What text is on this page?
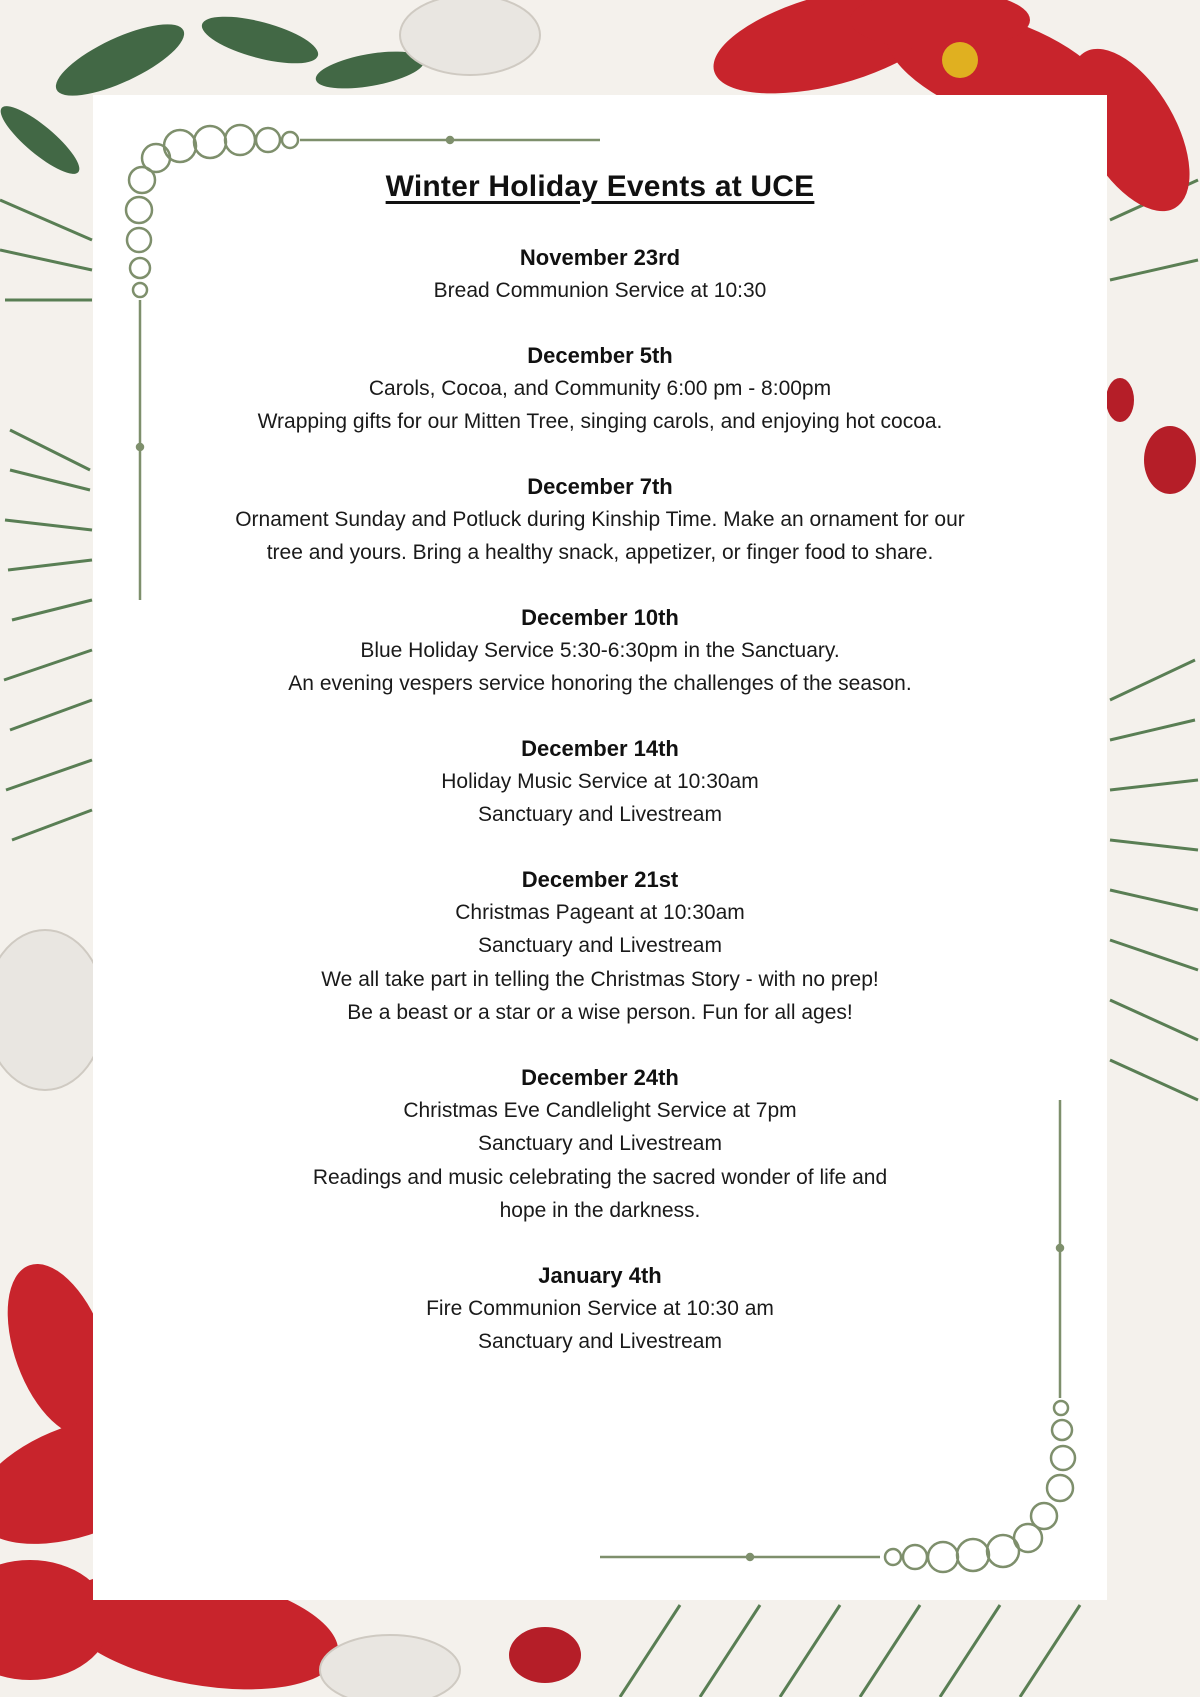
Winter Holiday Events at UCE
November 23rd
Bread Communion Service at 10:30
December 5th
Carols, Cocoa, and Community 6:00 pm - 8:00pm
Wrapping gifts for our Mitten Tree, singing carols, and enjoying hot cocoa.
December 7th
Ornament Sunday and Potluck during Kinship Time. Make an ornament for our
tree and yours. Bring a healthy snack, appetizer, or finger food to share.
December 10th
Blue Holiday Service 5:30-6:30pm in the Sanctuary.
An evening vespers service honoring the challenges of the season.
December 14th
Holiday Music Service at 10:30am
Sanctuary and Livestream
December 21st
Christmas Pageant at 10:30am
Sanctuary and Livestream
We all take part in telling the Christmas Story - with no prep!
Be a beast or a star or a wise person. Fun for all ages!
December 24th
Christmas Eve Candlelight Service at 7pm
Sanctuary and Livestream
Readings and music celebrating the sacred wonder of life and
hope in the darkness.
January 4th
Fire Communion Service at 10:30 am
Sanctuary and Livestream
